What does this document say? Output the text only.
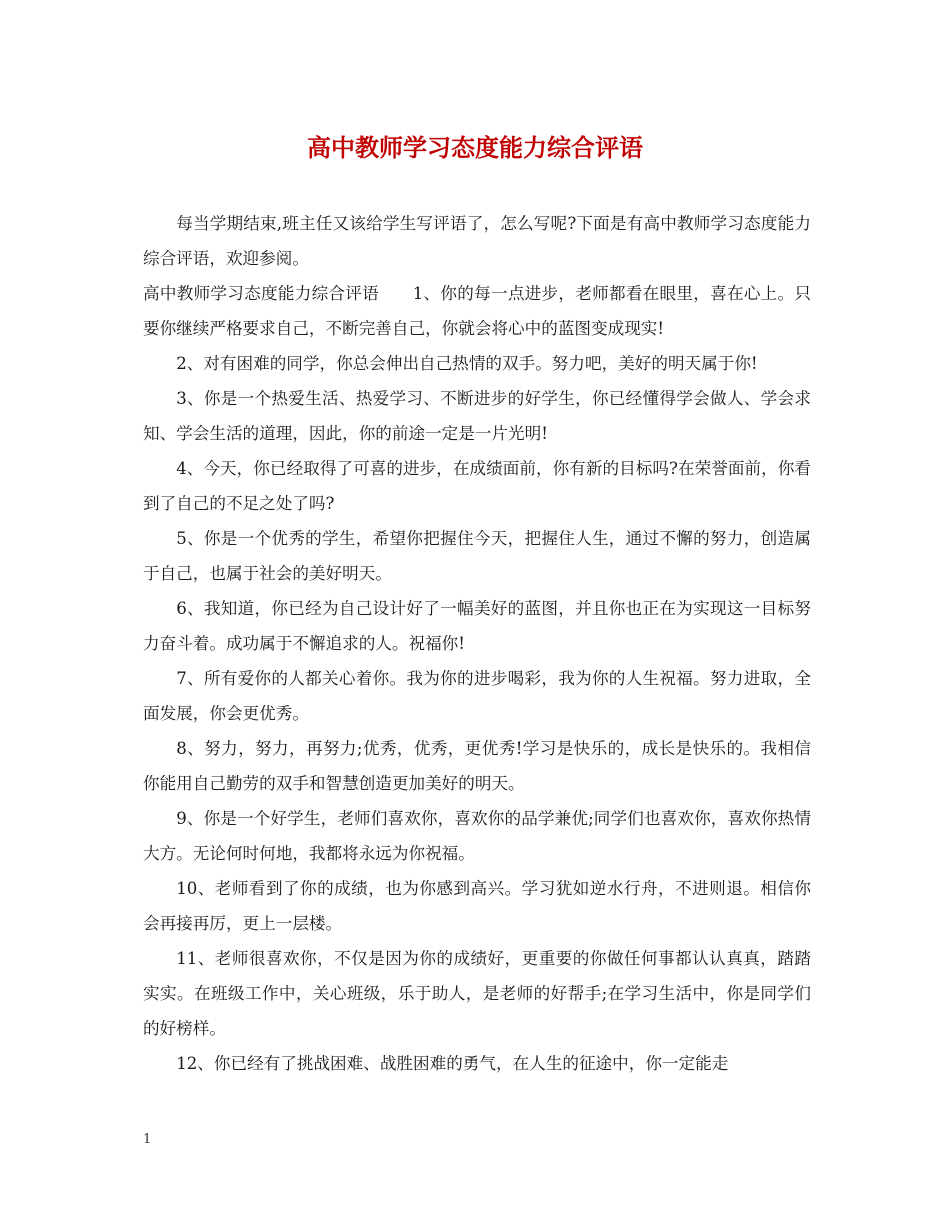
高中教师学习态度能力综合评语

每当学期结束,班主任又该给学生写评语了，怎么写呢?下面是有高中教师学习态度能力综合评语，欢迎参阅。

高中教师学习态度能力综合评语　　1、你的每一点进步，老师都看在眼里，喜在心上。只要你继续严格要求自己，不断完善自己，你就会将心中的蓝图变成现实!

2、对有困难的同学，你总会伸出自己热情的双手。努力吧，美好的明天属于你!

3、你是一个热爱生活、热爱学习、不断进步的好学生，你已经懂得学会做人、学会求知、学会生活的道理，因此，你的前途一定是一片光明!

4、今天，你已经取得了可喜的进步，在成绩面前，你有新的目标吗?在荣誉面前，你看到了自己的不足之处了吗?

5、你是一个优秀的学生，希望你把握住今天，把握住人生，通过不懈的努力，创造属于自己，也属于社会的美好明天。

6、我知道，你已经为自己设计好了一幅美好的蓝图，并且你也正在为实现这一目标努力奋斗着。成功属于不懈追求的人。祝福你!

7、所有爱你的人都关心着你。我为你的进步喝彩，我为你的人生祝福。努力进取，全面发展，你会更优秀。

8、努力，努力，再努力;优秀，优秀，更优秀!学习是快乐的，成长是快乐的。我相信你能用自己勤劳的双手和智慧创造更加美好的明天。

9、你是一个好学生，老师们喜欢你，喜欢你的品学兼优;同学们也喜欢你，喜欢你热情大方。无论何时何地，我都将永远为你祝福。

10、老师看到了你的成绩，也为你感到高兴。学习犹如逆水行舟，不进则退。相信你会再接再厉，更上一层楼。

11、老师很喜欢你，不仅是因为你的成绩好，更重要的你做任何事都认认真真，踏踏实实。在班级工作中，关心班级，乐于助人，是老师的好帮手;在学习生活中，你是同学们的好榜样。

12、你已经有了挑战困难、战胜困难的勇气，在人生的征途中，你一定能走

1
